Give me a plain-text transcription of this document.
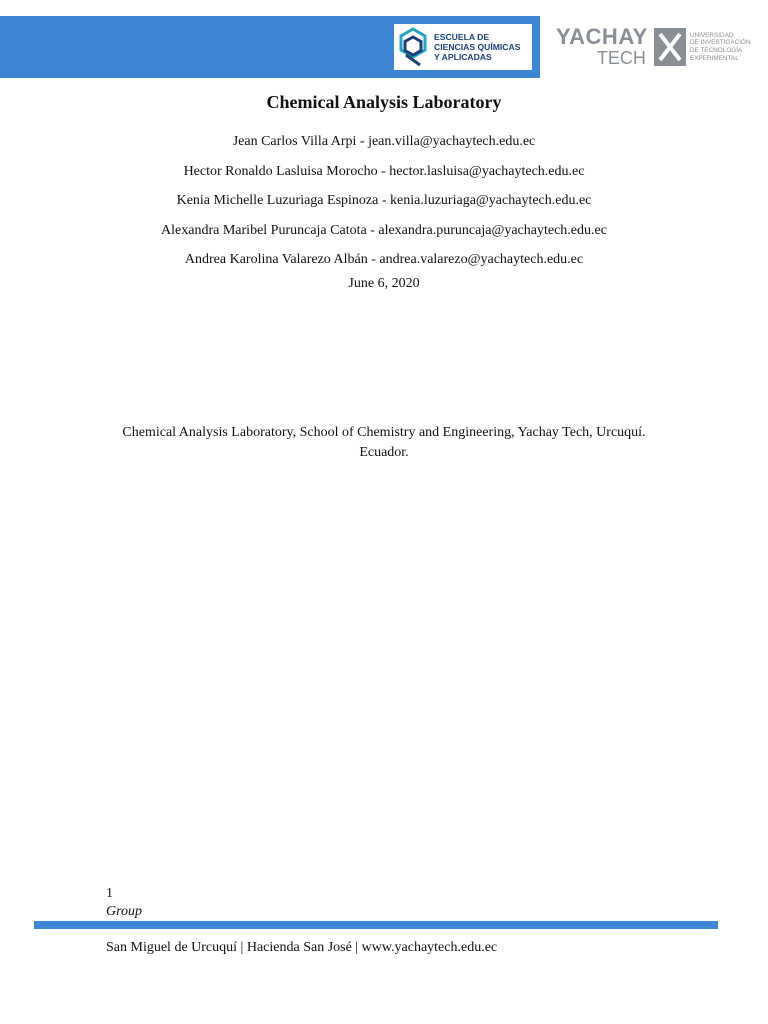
ESCUELA DE
CIENCIAS QUÍMICAS
Y APLICADAS
YACHAY
TECH
UNIVERSIDAD
DE INVESTIGACIÓN
DE TECNOLOGÍA
EXPERIMENTAL
Chemical Analysis Laboratory
Jean Carlos Villa Arpi - jean.villa@yachaytech.edu.ec
Hector Ronaldo Lasluisa Morocho - hector.lasluisa@yachaytech.edu.ec
Kenia Michelle Luzuriaga Espinoza - kenia.luzuriaga@yachaytech.edu.ec
Alexandra Maribel Puruncaja Catota - alexandra.puruncaja@yachaytech.edu.ec
Andrea Karolina Valarezo Albán - andrea.valarezo@yachaytech.edu.ec
June 6, 2020
Chemical Analysis Laboratory, School of Chemistry and Engineering, Yachay Tech, Urcuquí. Ecuador.
1
Group
San Miguel de Urcuquí | Hacienda San José | www.yachaytech.edu.ec
